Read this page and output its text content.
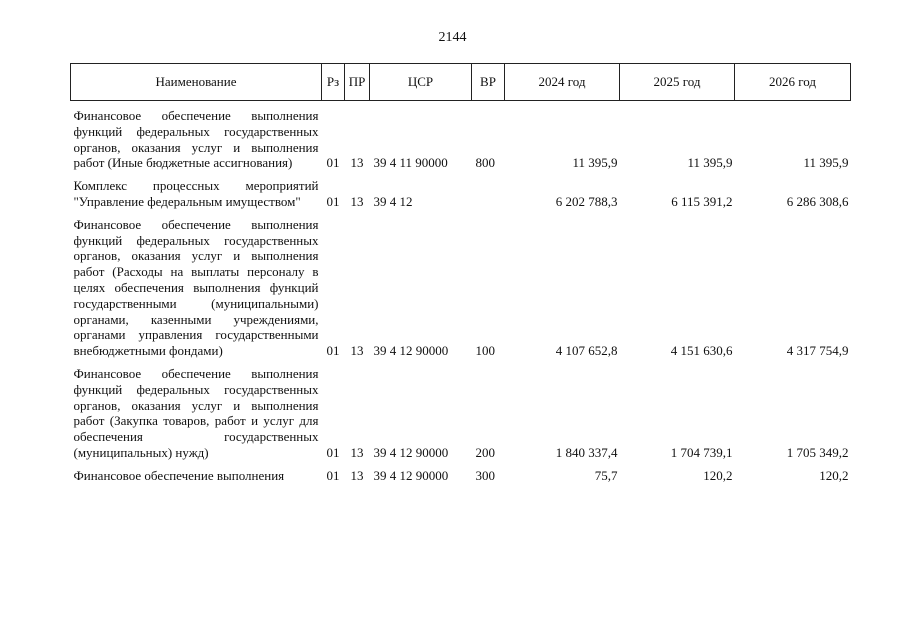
2144
Наименование	Рз	ПР	ЦСР	ВР	2024 год	2025 год	2026 год

Финансовое обеспечение выполнения функций федеральных государственных органов, оказания услуг и выполнения работ (Иные бюджетные ассигнования)	01	13	39 4 11 90000	800	11 395,9	11 395,9	11 395,9

Комплекс процессных мероприятий "Управление федеральным имуществом"	01	13	39 4 12		6 202 788,3	6 115 391,2	6 286 308,6

Финансовое обеспечение выполнения функций федеральных государственных органов, оказания услуг и выполнения работ (Расходы на выплаты персоналу в целях обеспечения выполнения функций государственными (муниципальными) органами, казенными учреждениями, органами управления государственными внебюджетными фондами)	01	13	39 4 12 90000	100	4 107 652,8	4 151 630,6	4 317 754,9

Финансовое обеспечение выполнения функций федеральных государственных органов, оказания услуг и выполнения работ (Закупка товаров, работ и услуг для обеспечения государственных (муниципальных) нужд)	01	13	39 4 12 90000	200	1 840 337,4	1 704 739,1	1 705 349,2

Финансовое обеспечение выполнения	01	13	39 4 12 90000	300	75,7	120,2	120,2
